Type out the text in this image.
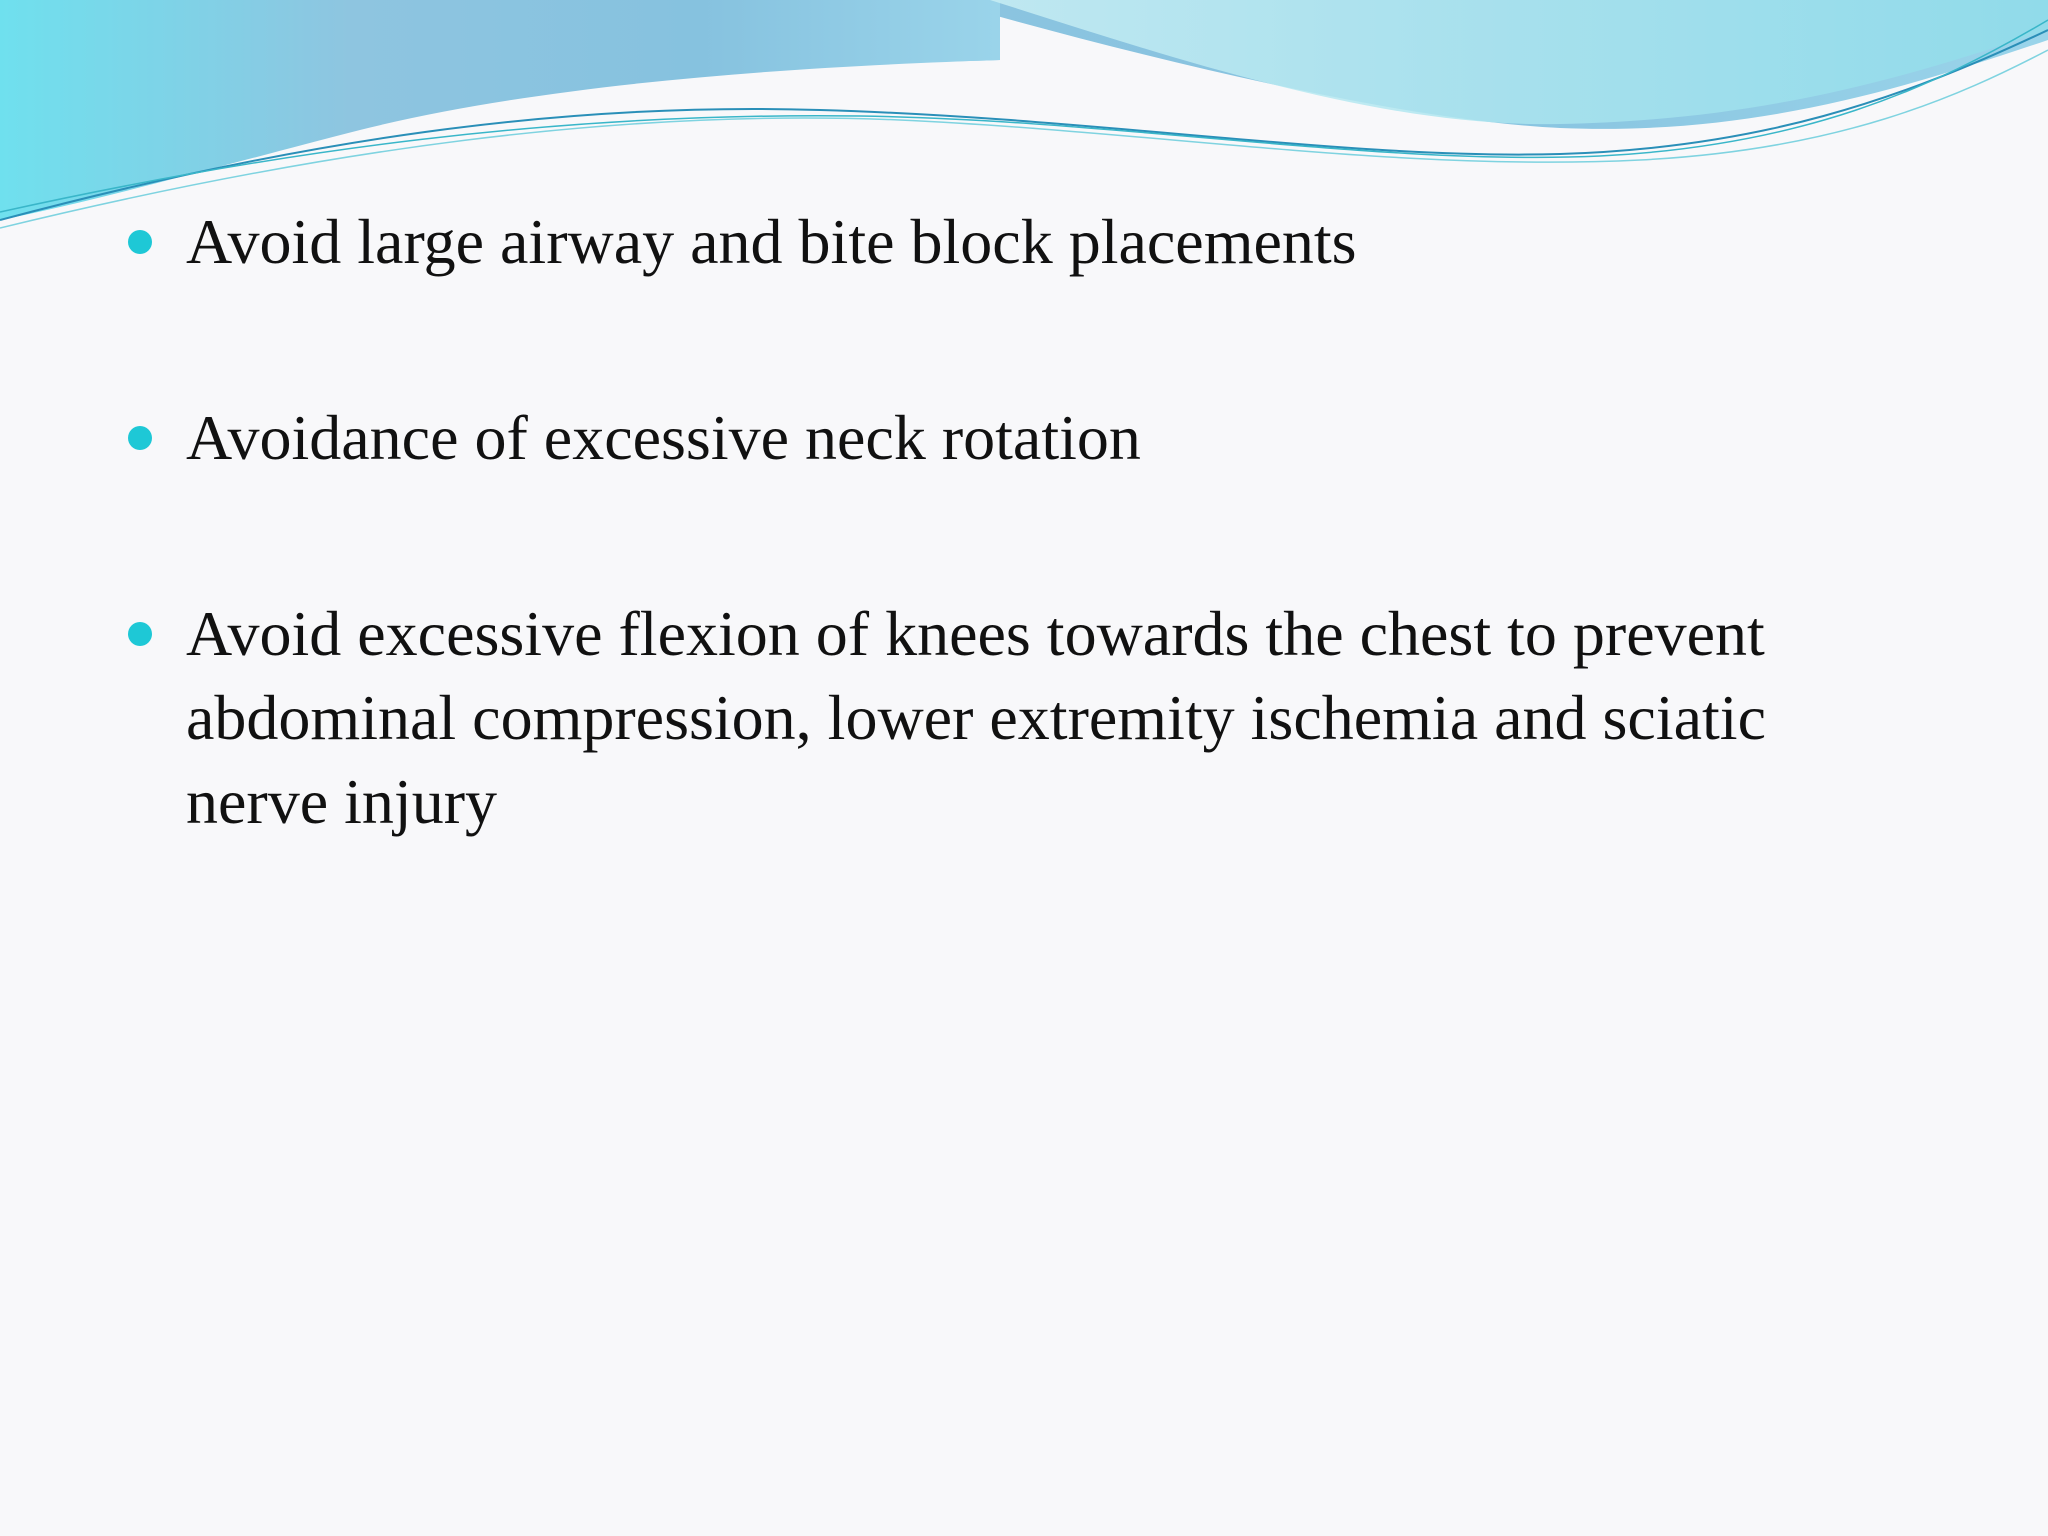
Avoid large airway and bite block placements
Avoidance of excessive neck rotation
Avoid excessive flexion of knees towards the chest to prevent abdominal compression, lower extremity ischemia and sciatic nerve injury
